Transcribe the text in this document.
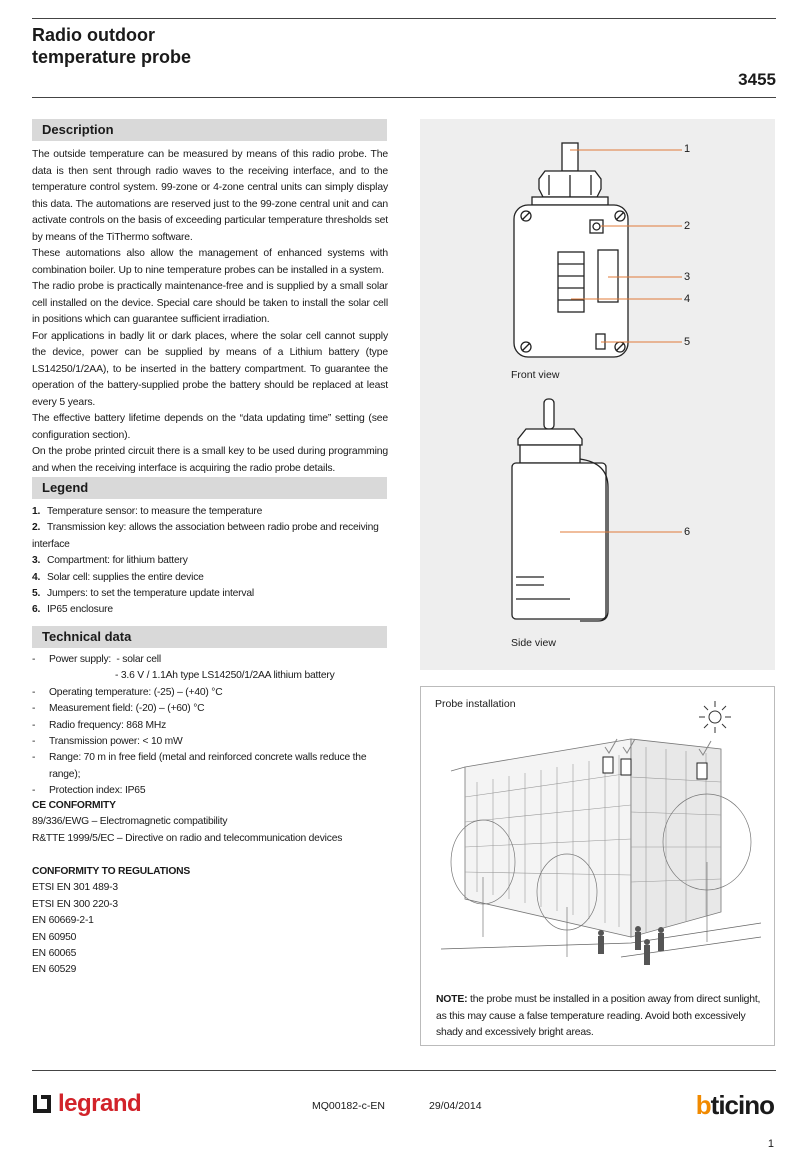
Radio outdoor
temperature probe
3455
Description

The outside temperature can be measured by means of this radio probe. The data is then sent through radio waves to the receiving interface, and to the temperature control system. 99-zone or 4-zone central units can simply display this data. The automations are reserved just to the 99-zone central unit and can activate controls on the basis of exceeding particular temperature thresholds set by means of the TiThermo software.

These automations also allow the management of enhanced systems with combination boiler. Up to nine temperature probes can be installed in a system.

The radio probe is practically maintenance-free and is supplied by a small solar cell installed on the device. Special care should be taken to install the solar cell in positions which can guarantee sufficient irradiation.

For applications in badly lit or dark places, where the solar cell cannot supply the device, power can be supplied by means of a Lithium battery (type LS14250/1/2AA), to be inserted in the battery compartment. To guarantee the operation of the battery-supplied probe the battery should be replaced at least every 5 years.

The effective battery lifetime depends on the “data updating time” setting (see configuration section).

On the probe printed circuit there is a small key to be used during programming and when the receiving interface is acquiring the radio probe details.

Legend
1. Temperature sensor: to measure the temperature
2. Transmission key: allows the association between radio probe and receiving interface
3. Compartment: for lithium battery
4. Solar cell: supplies the entire device
5. Jumpers: to set the temperature update interval
6. IP65 enclosure
Technical data
-	Power supply:
- solar cell
- 3.6 V / 1.1Ah type LS14250/1/2AA lithium battery
-	Operating temperature: (-25) – (+40) °C
-	Measurement field: (-20) – (+60) °C
-	Radio frequency: 868 MHz
-	Transmission power: < 10 mW
-	Range: 70 m in free field (metal and reinforced concrete walls reduce the range);
-	Protection index: IP65
CE CONFORMITY
89/336/EWG – Electromagnetic compatibility
R&TTE 1999/5/EC – Directive on radio and telecommunication devices
CONFORMITY TO REGULATIONS
ETSI EN 301 489-3
ETSI EN 300 220-3
EN 60669-2-1
EN 60950
EN 60065
EN 60529
1
2
3
4
5
6
Front view
Side view
Probe installation
NOTE: the probe must be installed in a position away from direct sunlight, as this may cause a false temperature reading. Avoid both excessively shady and excessively bright areas.
legrand	MQ00182-c-EN	29/04/2014	bticino
1
